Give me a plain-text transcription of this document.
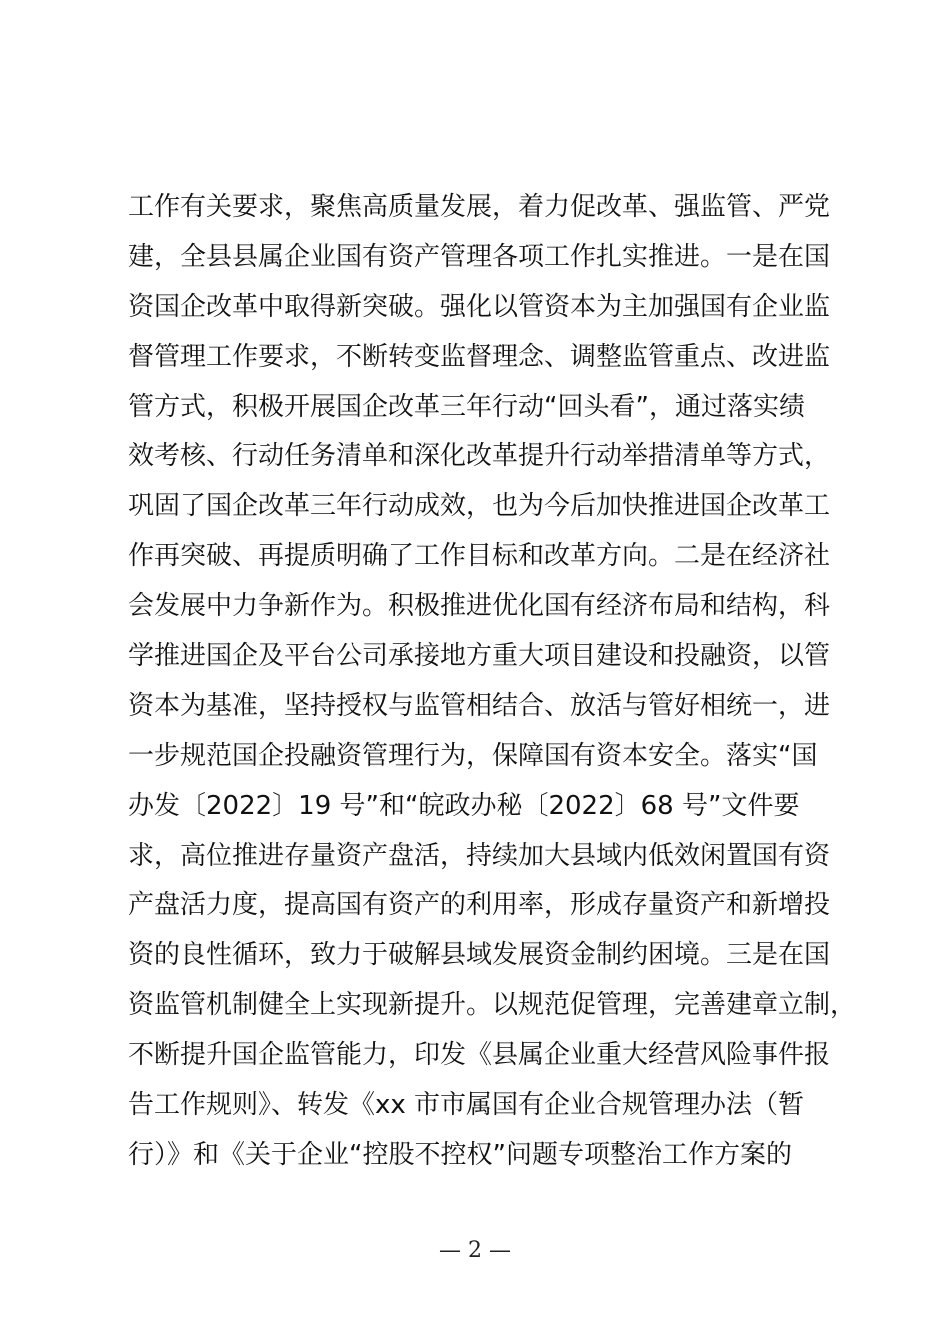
工作有关要求，聚焦高质量发展，着力促改革、强监管、严党
建，全县县属企业国有资产管理各项工作扎实推进。一是在国
资国企改革中取得新突破。强化以管资本为主加强国有企业监
督管理工作要求，不断转变监督理念、调整监管重点、改进监
管方式，积极开展国企改革三年行动“回头看”，通过落实绩
效考核、行动任务清单和深化改革提升行动举措清单等方式，
巩固了国企改革三年行动成效，也为今后加快推进国企改革工
作再突破、再提质明确了工作目标和改革方向。二是在经济社
会发展中力争新作为。积极推进优化国有经济布局和结构，科
学推进国企及平台公司承接地方重大项目建设和投融资，以管
资本为基准，坚持授权与监管相结合、放活与管好相统一，进
一步规范国企投融资管理行为，保障国有资本安全。落实“国
办发〔2022〕19 号”和“皖政办秘〔2022〕68 号”文件要
求，高位推进存量资产盘活，持续加大县域内低效闲置国有资
产盘活力度，提高国有资产的利用率，形成存量资产和新增投
资的良性循环，致力于破解县域发展资金制约困境。三是在国
资监管机制健全上实现新提升。以规范促管理，完善建章立制，
不断提升国企监管能力，印发《县属企业重大经营风险事件报
告工作规则》、转发《xx 市市属国有企业合规管理办法（暂
行）》和《关于企业“控股不控权”问题专项整治工作方案的
— 2 —
